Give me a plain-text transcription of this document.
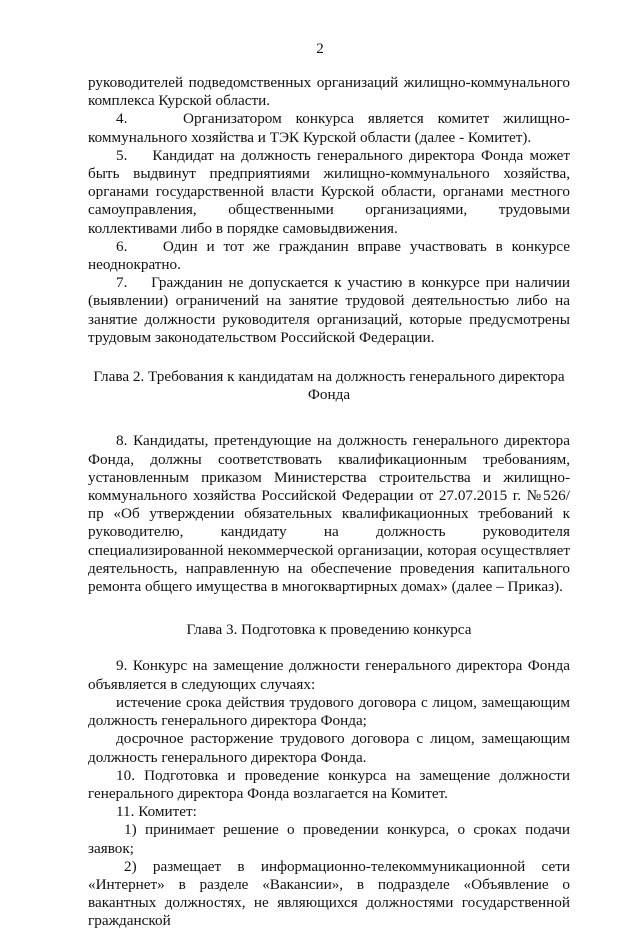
2

руководителей подведомственных организаций жилищно-коммунального комплекса Курской области.

4.    Организатором конкурса является комитет жилищно-коммунального хозяйства и ТЭК Курской области (далее - Комитет).

5.    Кандидат на должность генерального директора Фонда может быть выдвинут предприятиями жилищно-коммунального хозяйства, органами государственной власти Курской области, органами местного самоуправления, общественными организациями, трудовыми коллективами либо в порядке самовыдвижения.

6.    Один и тот же гражданин вправе участвовать в конкурсе неоднократно.

7.    Гражданин не допускается к участию в конкурсе при наличии (выявлении) ограничений на занятие трудовой деятельностью либо на занятие должности руководителя организаций, которые предусмотрены трудовым законодательством Российской Федерации.

Глава 2. Требования к кандидатам на должность генерального директора Фонда

8. Кандидаты, претендующие на должность генерального директора Фонда, должны соответствовать квалификационным требованиям, установленным приказом Министерства строительства и жилищно-коммунального хозяйства Российской Федерации от 27.07.2015 г. №526/пр «Об утверждении обязательных квалификационных требований к руководителю, кандидату на должность руководителя специализированной некоммерческой организации, которая осуществляет деятельность, направленную на обеспечение проведения капитального ремонта общего имущества в многоквартирных домах» (далее – Приказ).

Глава 3. Подготовка к проведению конкурса

9. Конкурс на замещение должности генерального директора Фонда объявляется в следующих случаях:

истечение срока действия трудового договора с лицом, замещающим должность генерального директора Фонда;

досрочное расторжение трудового договора с лицом, замещающим должность генерального директора Фонда.

10. Подготовка и проведение конкурса на замещение должности генерального директора Фонда возлагается на Комитет.

11. Комитет:

1) принимает решение о проведении конкурса, о сроках подачи заявок;

2) размещает в информационно-телекоммуникационной сети «Интернет» в разделе «Вакансии», в подразделе «Объявление о вакантных должностях, не являющихся должностями государственной гражданской
